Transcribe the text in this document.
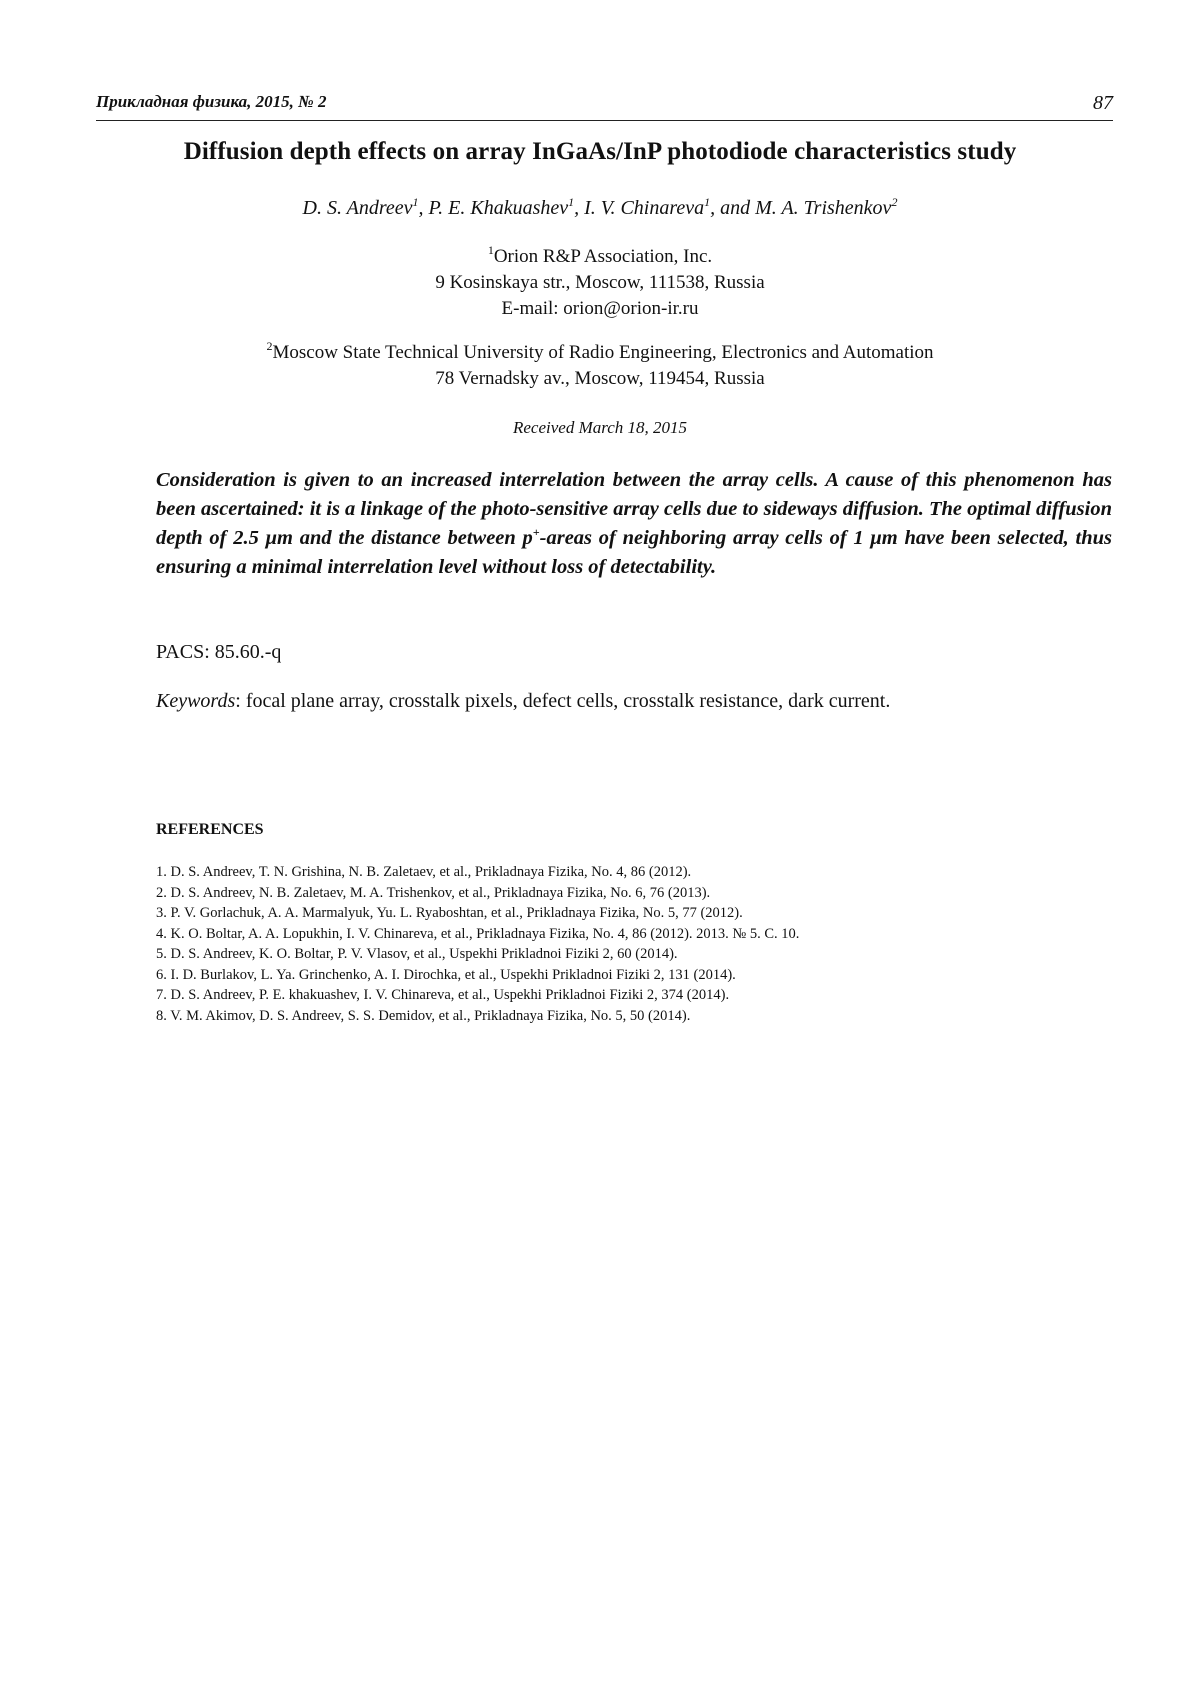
Прикладная физика, 2015, № 2	87
Diffusion depth effects on array InGaAs/InP photodiode characteristics study
D. S. Andreev$^1$, P. E. Khakuashev$^1$, I. V. Chinareva$^1$, and M. A. Trishenkov$^2$
$^1$Orion R&P Association, Inc.
9 Kosinskaya str., Moscow, 111538, Russia
E-mail: orion@orion-ir.ru
$^2$Moscow State Technical University of Radio Engineering, Electronics and Automation
78 Vernadsky av., Moscow, 119454, Russia
Received March 18, 2015
Consideration is given to an increased interrelation between the array cells. A cause of this phenomenon has been ascertained: it is a linkage of the photo-sensitive array cells due to sideways diffusion. The optimal diffusion depth of 2.5 μm and the distance between p+-areas of neighboring array cells of 1 μm have been selected, thus ensuring a minimal interrelation level without loss of detectability.
PACS: 85.60.-q
Keywords: focal plane array, crosstalk pixels, defect cells, crosstalk resistance, dark current.
REFERENCES
1. D. S. Andreev, T. N. Grishina, N. B. Zaletaev, et al., Prikladnaya Fizika, No. 4, 86 (2012).
2. D. S. Andreev, N. B. Zaletaev, M. A. Trishenkov, et al., Prikladnaya Fizika, No. 6, 76 (2013).
3. P. V. Gorlachuk, A. A. Marmalyuk, Yu. L. Ryaboshtan, et al., Prikladnaya Fizika, No. 5, 77 (2012).
4. K. O. Boltar, A. A. Lopukhin, I. V. Chinareva, et al., Prikladnaya Fizika, No. 4, 86 (2012). 2013. № 5. C. 10.
5. D. S. Andreev, K. O. Boltar, P. V. Vlasov, et al., Uspekhi Prikladnoi Fiziki 2, 60 (2014).
6. I. D. Burlakov, L. Ya. Grinchenko, A. I. Dirochka, et al., Uspekhi Prikladnoi Fiziki 2, 131 (2014).
7. D. S. Andreev, P. E. khakuashev, I. V. Chinareva, et al., Uspekhi Prikladnoi Fiziki 2, 374 (2014).
8. V. M. Akimov, D. S. Andreev, S. S. Demidov, et al., Prikladnaya Fizika, No. 5, 50 (2014).
